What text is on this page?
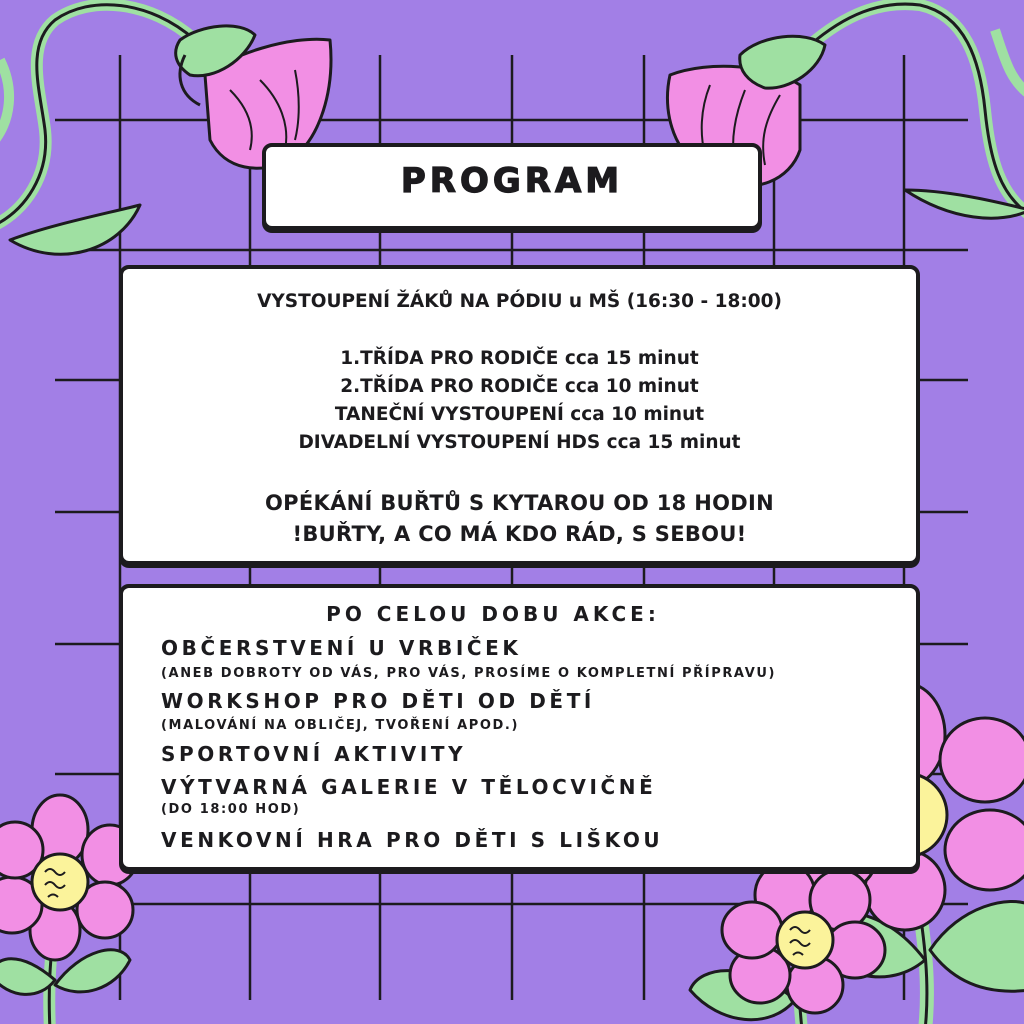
PROGRAM
VYSTOUPENÍ ŽÁKŮ NA PÓDIU u MŠ (16:30 - 18:00)
1.TŘÍDA PRO RODIČE cca 15 minut
2.TŘÍDA PRO RODIČE cca 10 minut
TANEČNÍ VYSTOUPENÍ cca 10 minut
DIVADELNÍ VYSTOUPENÍ HDS cca 15 minut
OPÉKÁNÍ BUŘTŮ S KYTAROU OD 18 HODIN
!BUŘTY, A CO MÁ KDO RÁD, S SEBOU!
PO CELOU DOBU AKCE:
OBČERSTVENÍ U VRBIČEK
(ANEB DOBROTY OD VÁS, PRO VÁS, PROSÍME O KOMPLETNÍ PŘÍPRAVU)
WORKSHOP PRO DĚTI OD DĚTÍ
(MALOVÁNÍ NA OBLIČEJ, TVOŘENÍ APOD.)
SPORTOVNÍ AKTIVITY
VÝTVARNÁ GALERIE V TĚLOCVIČNĚ
(DO 18:00 HOD)
VENKOVNÍ HRA PRO DĚTI S LIŠKOU
